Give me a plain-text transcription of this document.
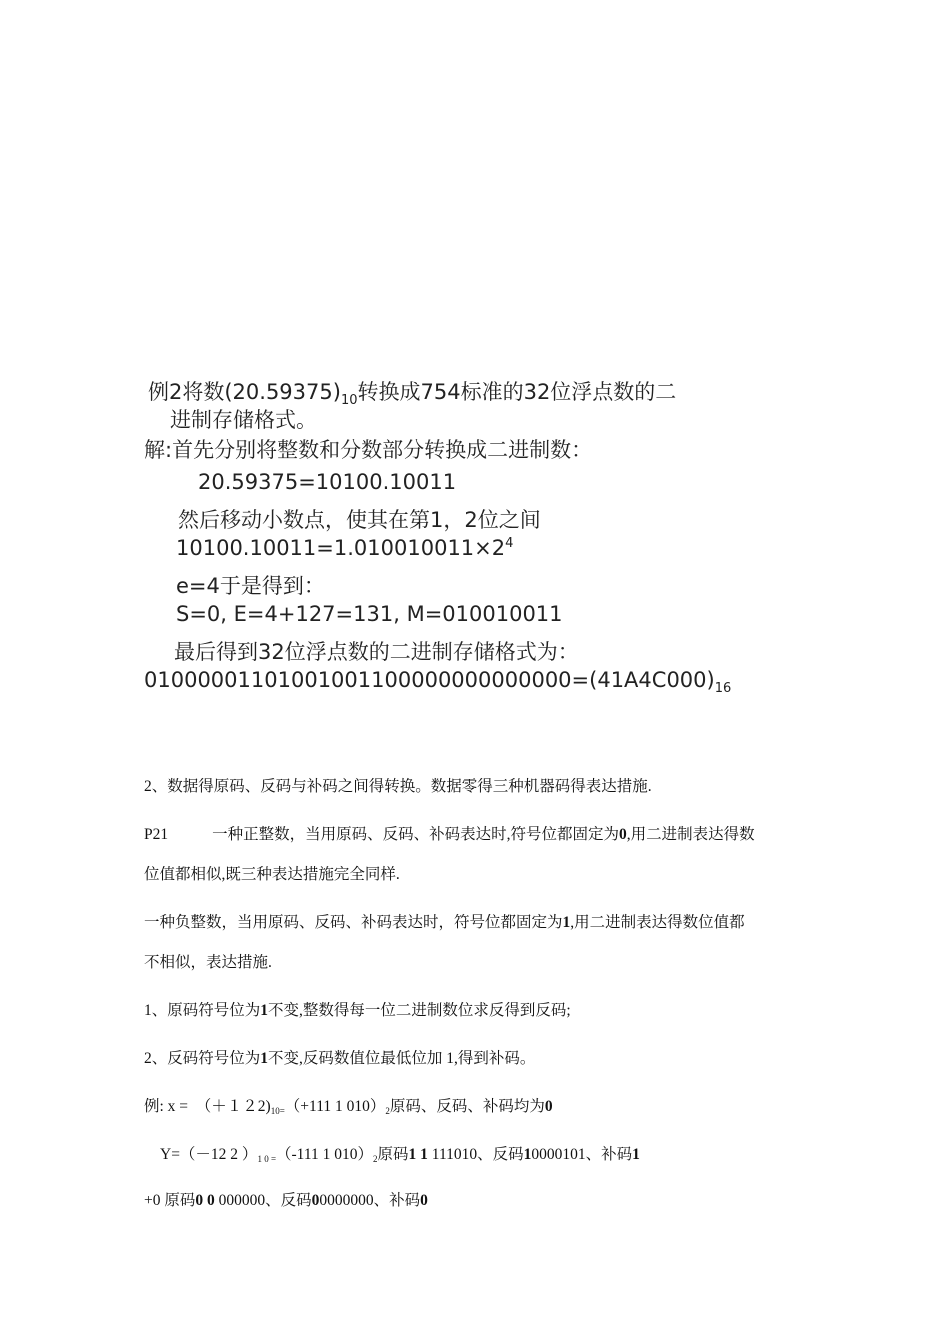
例2将数$(20.59375)_{10}$转换成754标准的32位浮点数的二
进制存储格式。
解:首先分别将整数和分数部分转换成二进制数：
20.59375=10100.10011
然后移动小数点，使其在第1，2位之间
$10100.10011=1.010010011\times 2^4$
e=4于是得到：
S=0, E=4+127=131, M=010010011
最后得到32位浮点数的二进制存储格式为：
$01000001101001001100000000000000=(41A4C000)_{16}$
2、数据得原码、反码与补码之间得转换。数据零得三种机器码得表达措施.
P21	一种正整数，当用原码、反码、补码表达时,符号位都固定为0,用二进制表达得数
位值都相似,既三种表达措施完全同样.
一种负整数，当用原码、反码、补码表达时，符号位都固定为1,用二进制表达得数位值都
不相似，表达措施.
1、原码符号位为1不变,整数得每一位二进制数位求反得到反码;
2、反码符号位为1不变,反码数值位最低位加 1,得到补码。
例: x =　（＋１２2)10=（+111 1 010）2原码、反码、补码均为0
Y=（－12 2 ）1 0 =（-111 1 010）2原码1 1 111010、反码10000101、补码1
+0 原码0 0 000000、反码00000000、补码0
